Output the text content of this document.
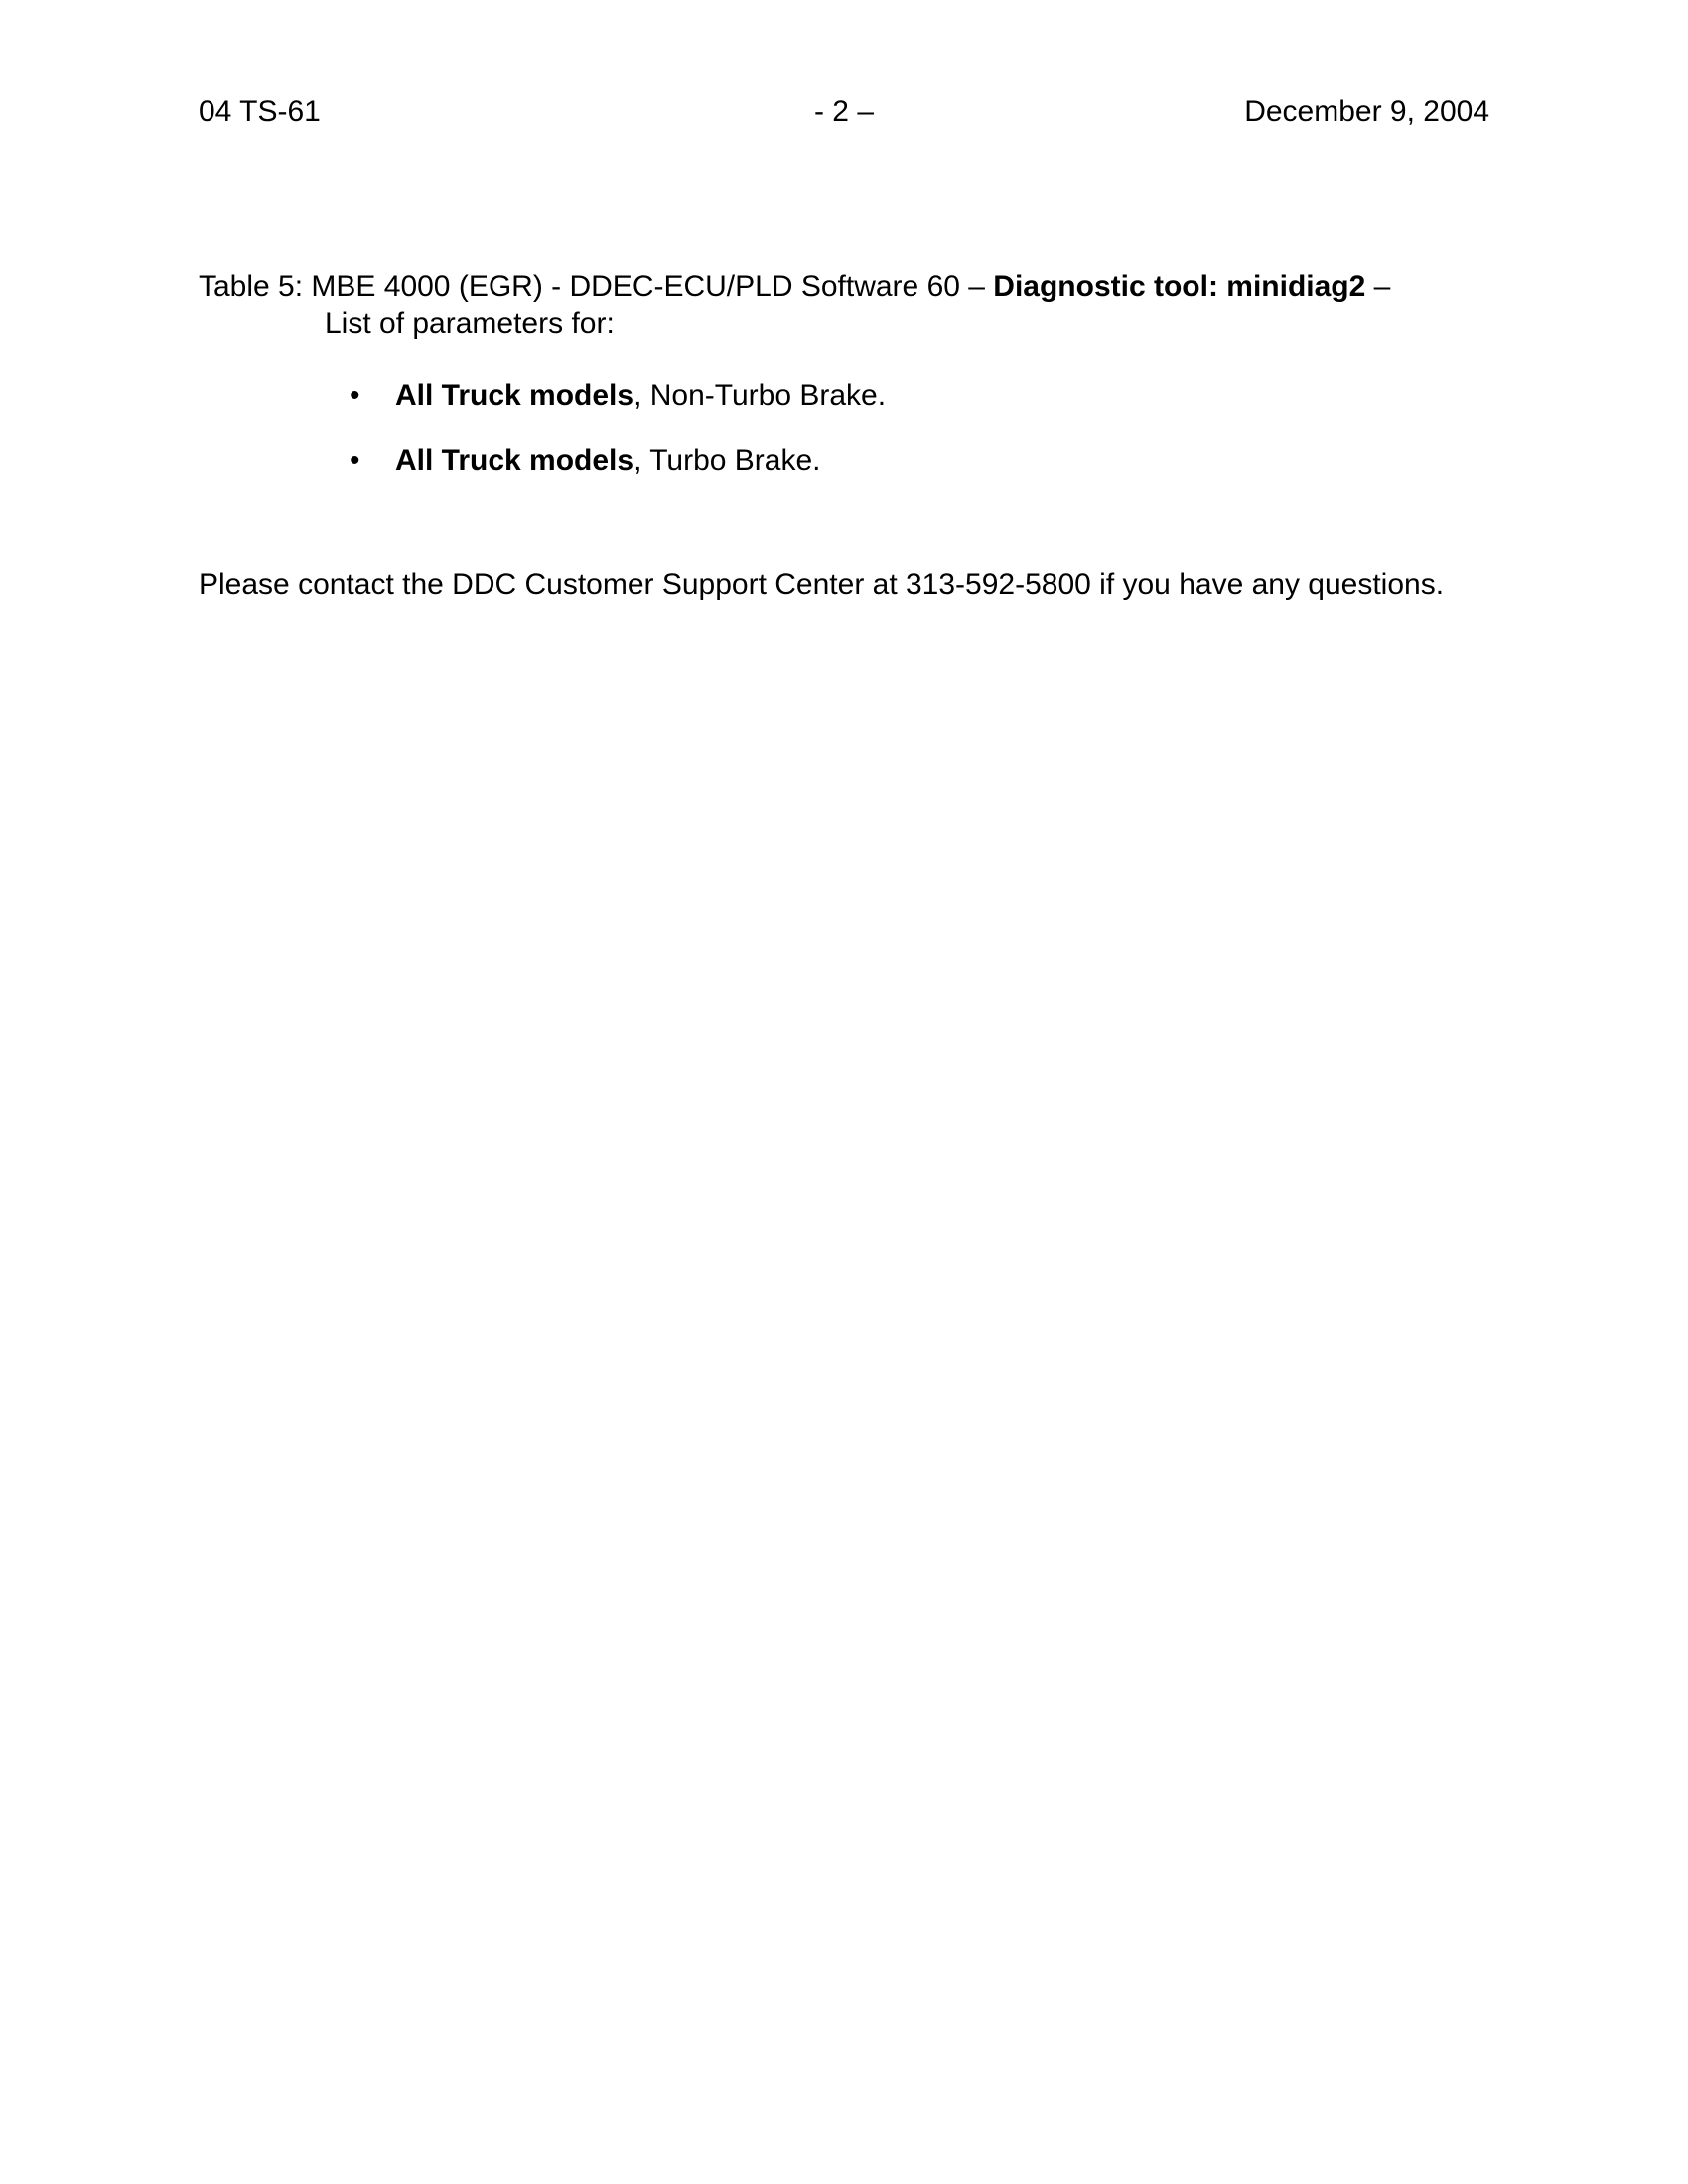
04 TS-61	- 2 –	December 9, 2004
Table 5: MBE 4000 (EGR) - DDEC-ECU/PLD Software 60 – Diagnostic tool: minidiag2 –
List of parameters for:
•	All Truck models, Non-Turbo Brake.
•	All Truck models, Turbo Brake.

Please contact the DDC Customer Support Center at 313-592-5800 if you have any questions.
